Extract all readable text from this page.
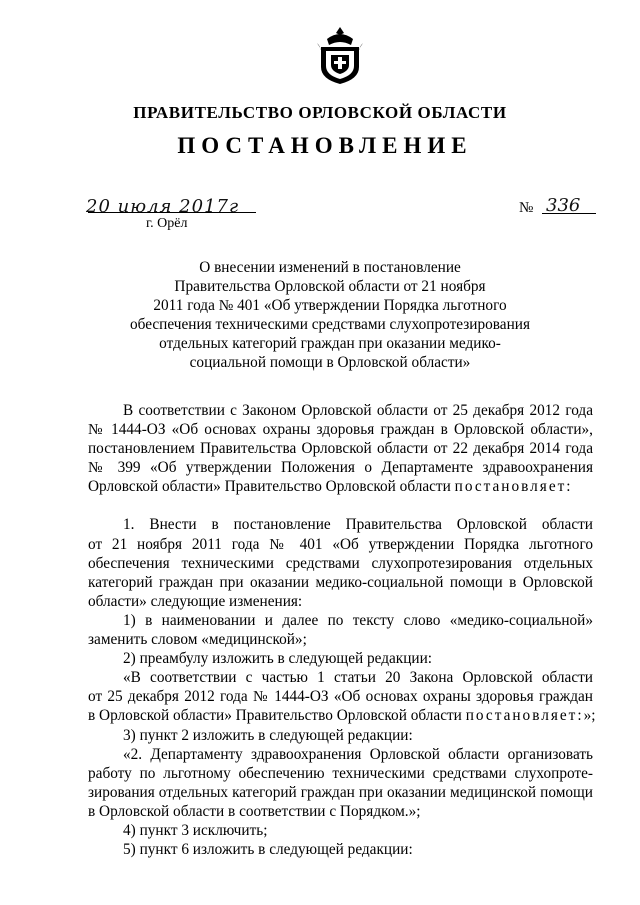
ПРАВИТЕЛЬСТВО ОРЛОВСКОЙ ОБЛАСТИ
ПОСТАНОВЛЕНИЕ
20 июля 2017г
г. Орёл
№ 336
О внесении изменений в постановление
Правительства Орловской области от 21 ноября
2011 года № 401 «Об утверждении Порядка льготного
обеспечения техническими средствами слухопротезирования
отдельных категорий граждан при оказании медико-
социальной помощи в Орловской области»
В соответствии с Законом Орловской области от 25 декабря 2012 года
№ 1444-ОЗ «Об основах охраны здоровья граждан в Орловской области»,
постановлением Правительства Орловской области от 22 декабря 2014 года
№ 399 «Об утверждении Положения о Департаменте здравоохранения
Орловской области» Правительство Орловской области постановляет:
1. Внести в постановление Правительства Орловской области
от 21 ноября 2011 года № 401 «Об утверждении Порядка льготного
обеспечения техническими средствами слухопротезирования отдельных
категорий граждан при оказании медико-социальной помощи в Орловской
области» следующие изменения:
1) в наименовании и далее по тексту слово «медико-социальной»
заменить словом «медицинской»;
2) преамбулу изложить в следующей редакции:
«В соответствии с частью 1 статьи 20 Закона Орловской области
от 25 декабря 2012 года № 1444-ОЗ «Об основах охраны здоровья граждан
в Орловской области» Правительство Орловской области постановляет:»;
3) пункт 2 изложить в следующей редакции:
«2. Департаменту здравоохранения Орловской области организовать
работу по льготному обеспечению техническими средствами слухопроте-
зирования отдельных категорий граждан при оказании медицинской помощи
в Орловской области в соответствии с Порядком.»;
4) пункт 3 исключить;
5) пункт 6 изложить в следующей редакции:
